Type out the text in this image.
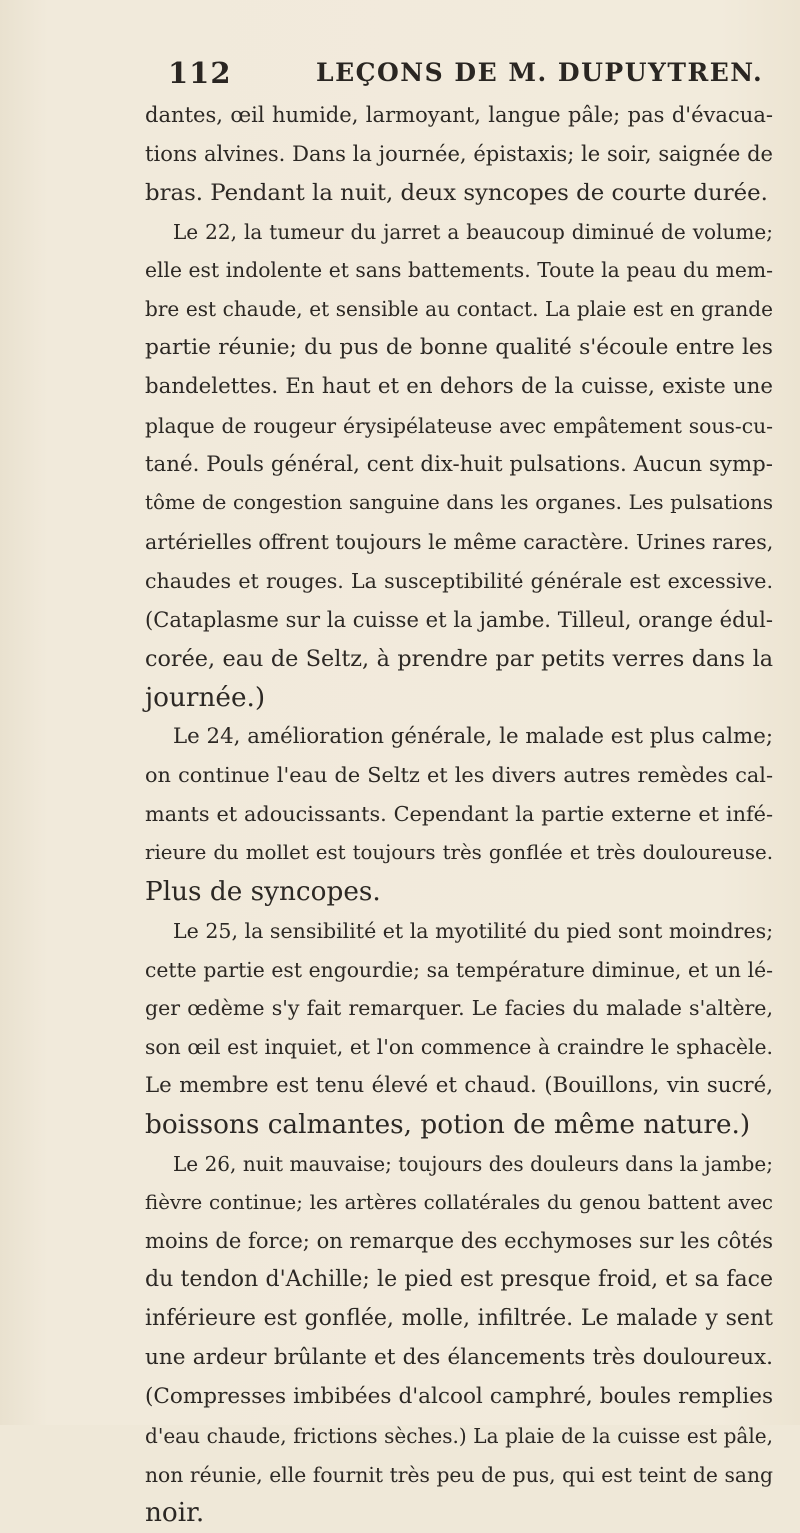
112	LEÇONS DE M. DUPUYTREN.
dantes, œil humide, larmoyant, langue pâle; pas d'évacua-
tions alvines. Dans la journée, épistaxis; le soir, saignée de
bras. Pendant la nuit, deux syncopes de courte durée.
Le 22, la tumeur du jarret a beaucoup diminué de volume;
elle est indolente et sans battements. Toute la peau du mem-
bre est chaude, et sensible au contact. La plaie est en grande
partie réunie; du pus de bonne qualité s'écoule entre les
bandelettes. En haut et en dehors de la cuisse, existe une
plaque de rougeur érysipélateuse avec empâtement sous-cu-
tané. Pouls général, cent dix-huit pulsations. Aucun symp-
tôme de congestion sanguine dans les organes. Les pulsations
artérielles offrent toujours le même caractère. Urines rares,
chaudes et rouges. La susceptibilité générale est excessive.
(Cataplasme sur la cuisse et la jambe. Tilleul, orange édul-
corée, eau de Seltz, à prendre par petits verres dans la
journée.)
Le 24, amélioration générale, le malade est plus calme;
on continue l'eau de Seltz et les divers autres remèdes cal-
mants et adoucissants. Cependant la partie externe et infé-
rieure du mollet est toujours très gonflée et très douloureuse.
Plus de syncopes.
Le 25, la sensibilité et la myotilité du pied sont moindres;
cette partie est engourdie; sa température diminue, et un lé-
ger œdème s'y fait remarquer. Le facies du malade s'altère,
son œil est inquiet, et l'on commence à craindre le sphacèle.
Le membre est tenu élevé et chaud. (Bouillons, vin sucré,
boissons calmantes, potion de même nature.)
Le 26, nuit mauvaise; toujours des douleurs dans la jambe;
fièvre continue; les artères collatérales du genou battent avec
moins de force; on remarque des ecchymoses sur les côtés
du tendon d'Achille; le pied est presque froid, et sa face
inférieure est gonflée, molle, infiltrée. Le malade y sent
une ardeur brûlante et des élancements très douloureux.
(Compresses imbibées d'alcool camphré, boules remplies
d'eau chaude, frictions sèches.) La plaie de la cuisse est pâle,
non réunie, elle fournit très peu de pus, qui est teint de sang
noir.
